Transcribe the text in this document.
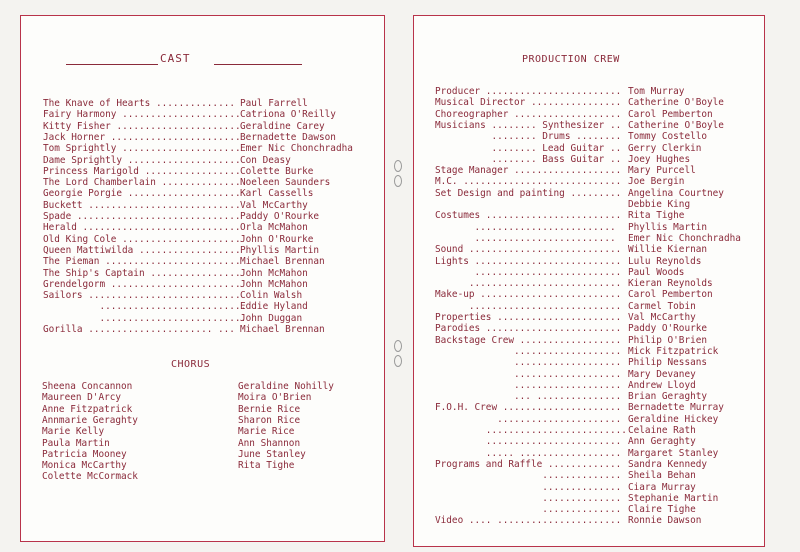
CAST
The Knave of Hearts .............. Paul Farrell
Fairy Harmony ..................... Catriona O'Reilly
Kitty Fisher ...................... Geraldine Carey
Jack Horner ....................... Bernadette Dawson
Tom Sprightly ..................... Emer Nic Chonchradha
Dame Sprightly .................... Con Deasy
Princess Marigold ................. Colette Burke
The Lord Chamberlain .............. Noeleen Saunders
Georgie Porgie .................... Karl Cassells
Buckett ........................... Val McCarthy
Spade ............................. Paddy O'Rourke
Herald ............................ Orla McMahon
Old King Cole ..................... John O'Rourke
Queen Mattiwilda .................. Phyllis Martin
The Pieman ........................ Michael Brennan
The Ship's Captain ................ John McMahon
Grendelgorm ....................... John McMahon
Sailors ........................... Colin Walsh
..........................
Eddie Hyland
..........................
John Duggan
Gorilla ...................... ... Michael Brennan
CHORUS
Sheena Concannon
Maureen D'Arcy
Anne Fitzpatrick
Annmarie Geraghty
Marie Kelly
Paula Martin
Patricia Mooney
Monica McCarthy
Colette McCormack
Geraldine Nohilly
Moira O'Brien
Bernie Rice
Sharon Rice
Marie Rice
Ann Shannon
June Stanley
Rita Tighe
PRODUCTION CREW
Producer ........................ Tom Murray
Musical Director ................ Catherine O'Boyle
Choreographer ................... Carol Pemberton
Musicians ........ Synthesizer .. Catherine O'Boyle
........ Drums ........ Tommy Costello
........ Lead Guitar .. Gerry Clerkin
........ Bass Guitar .. Joey Hughes
Stage Manager ................... Mary Purcell
M.C. ............................ Joe Bergin
Set Design and painting ......... Angelina Courtney
Debbie King
Costumes ........................ Rita Tighe
......................... Phyllis Martin
......................... Emer Nic Chonchradha
Sound ........................... Willie Kiernan
Lights .......................... Lulu Reynolds
.......................... Paul Woods
........................... Kieran Reynolds
Make-up ......................... Carol Pemberton
........................... Carmel Tobin
Properties ...................... Val McCarthy
Parodies ........................ Paddy O'Rourke
Backstage Crew .................. Philip O'Brien
................... Mick Fitzpatrick
................... Philip Nessans
................... Mary Devaney
................... Andrew Lloyd
... ............... Brian Geraghty
F.O.H. Crew ..................... Bernadette Murray
...................... Geraldine Hickey
......................... Celaine Rath
........................ Ann Geraghty
..... .................. Margaret Stanley
Programs and Raffle ............. Sandra Kennedy
.............. Sheila Behan
.............. Ciara Murray
.............. Stephanie Martin
.............. Claire Tighe
Video .... ...................... Ronnie Dawson
